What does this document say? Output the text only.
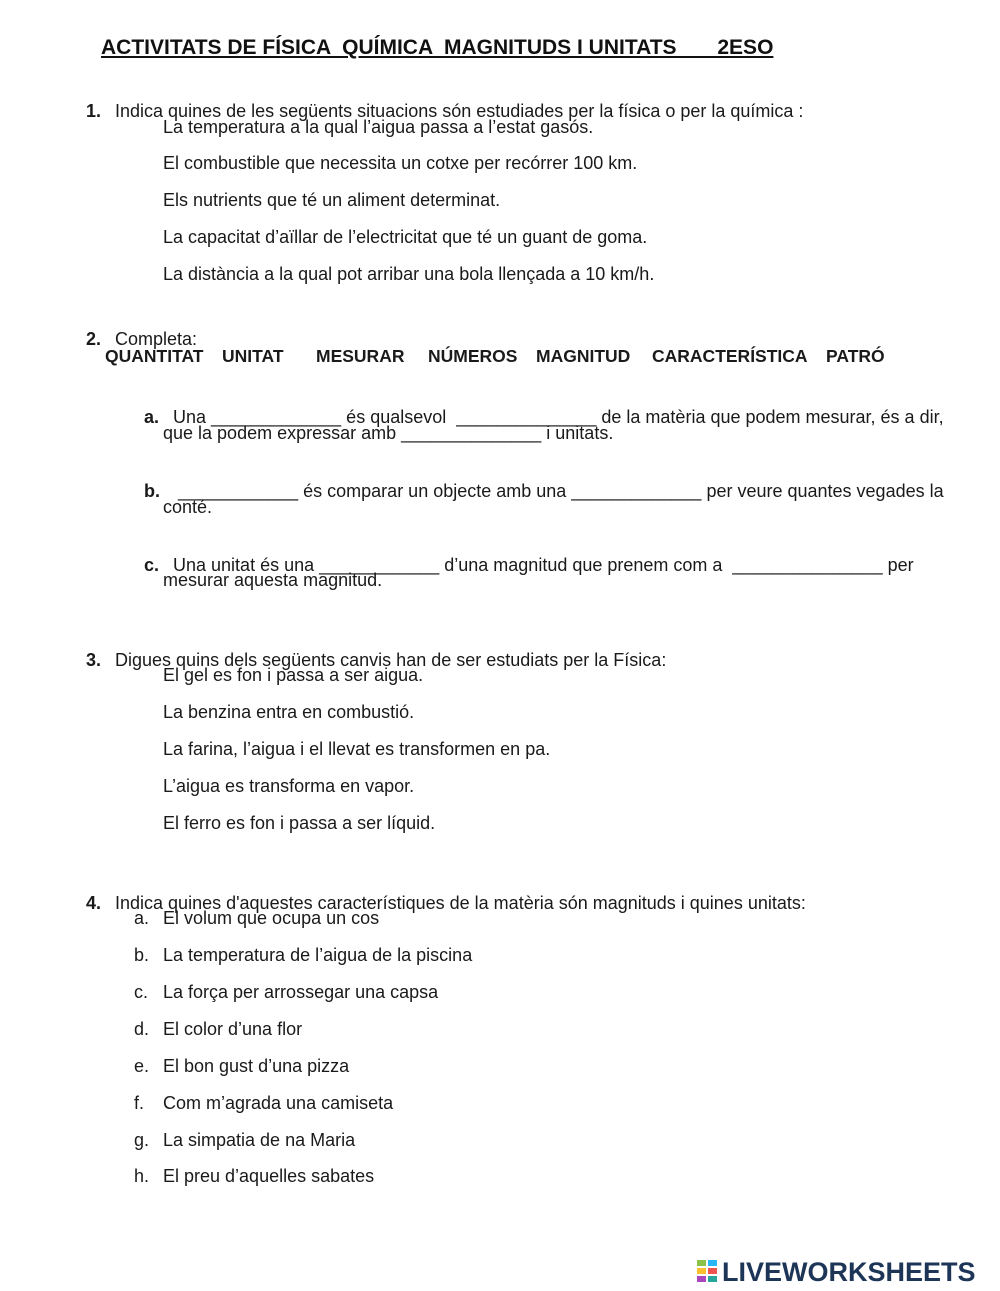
ACTIVITATS DE FÍSICA  QUÍMICA  MAGNITUDS I UNITATS       2ESO

1. Indica quines de les següents situacions són estudiades per la física o per la química :

La temperatura a la qual l’aigua passa a l’estat gasós.
El combustible que necessita un cotxe per recórrer 100 km.
Els nutrients que té un aliment determinat.
La capacitat d’aïllar de l’electricitat que té un guant de goma.
La distància a la qual pot arribar una bola llençada a 10 km/h.

2. Completa:

QUANTITAT

UNITAT

MESURAR

NÚMEROS

MAGNITUD

CARACTERÍSTICA

PATRÓ

a. Una _____________ és qualsevol  ______________ de la matèria que podem mesurar, és a dir,

que la podem expressar amb ______________ i unitats.

b. ____________ és comparar un objecte amb una _____________ per veure quantes vegades la

conté.

c. Una unitat és una ____________ d’una magnitud que prenem com a  _______________ per

mesurar aquesta magnitud.

3. Digues quins dels següents canvis han de ser estudiats per la Física:

El gel es fon i passa a ser aigua.
La benzina entra en combustió.
La farina, l’aigua i el llevat es transformen en pa.
L’aigua es transforma en vapor.
El ferro es fon i passa a ser líquid.

4. Indica quines d'aquestes característiques de la matèria són magnituds i quines unitats:

a. El volum que ocupa un cos
b. La temperatura de l’aigua de la piscina
c. La força per arrossegar una capsa
d. El color d’una flor
e. El bon gust d’una pizza
f. Com m’agrada una camiseta
g. La simpatia de na Maria
h. El preu d’aquelles sabates
LIVEWORKSHEETS
